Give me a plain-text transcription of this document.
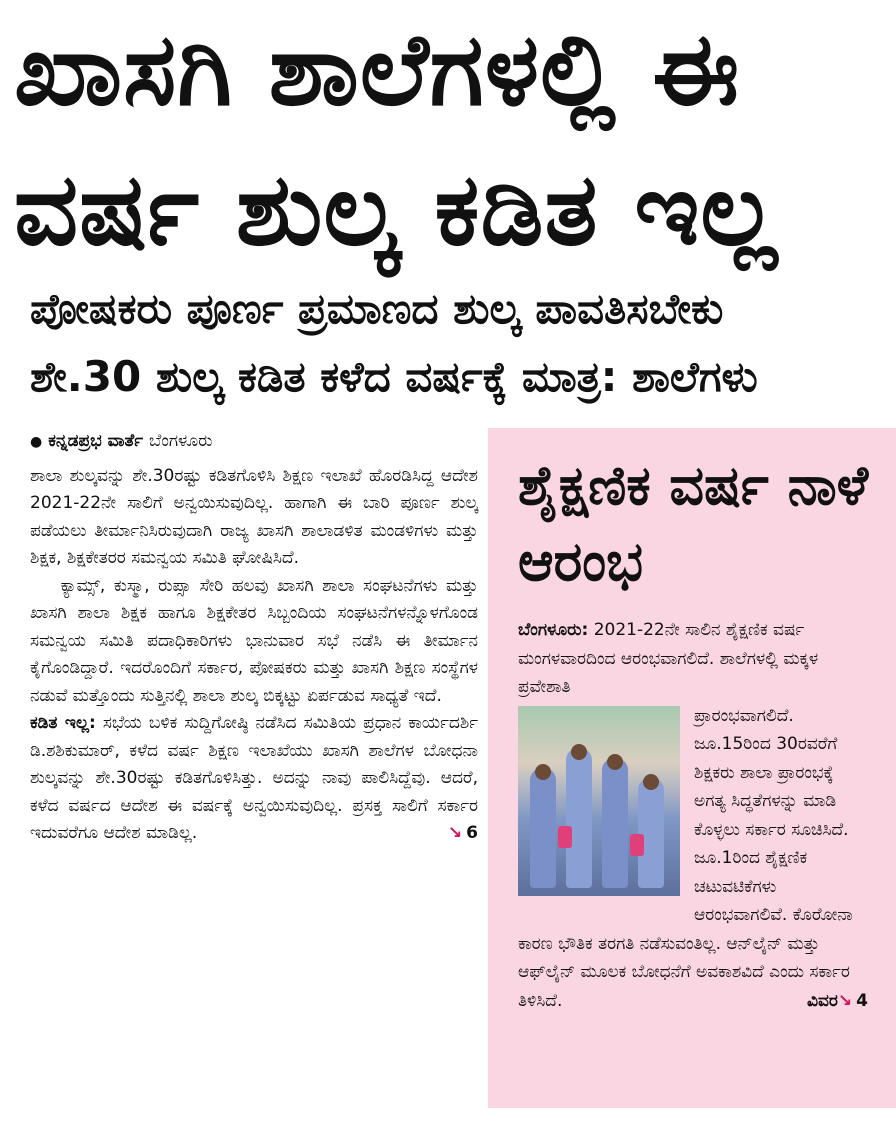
ಖಾಸಗಿ ಶಾಲೆಗಳಲ್ಲಿ ಈ
ವರ್ಷ ಶುಲ್ಕ ಕಡಿತ ಇಲ್ಲ
ಪೋಷಕರು ಪೂರ್ಣ ಪ್ರಮಾಣದ ಶುಲ್ಕ ಪಾವತಿಸಬೇಕು
ಶೇ.30 ಶುಲ್ಕ ಕಡಿತ ಕಳೆದ ವರ್ಷಕ್ಕೆ ಮಾತ್ರ: ಶಾಲೆಗಳು
● ಕನ್ನಡಪ್ರಭ ವಾರ್ತೆ ಬೆಂಗಳೂರು

ಶಾಲಾ ಶುಲ್ಕವನ್ನು ಶೇ.30ರಷ್ಟು ಕಡಿತಗೊಳಿಸಿ ಶಿಕ್ಷಣ ಇಲಾಖೆ ಹೊರಡಿಸಿದ್ದ ಆದೇಶ 2021-22ನೇ ಸಾಲಿಗೆ ಅನ್ವಯಿಸುವುದಿಲ್ಲ. ಹಾಗಾಗಿ ಈ ಬಾರಿ ಪೂರ್ಣ ಶುಲ್ಕ ಪಡೆಯಲು ತೀರ್ಮಾನಿಸಿರುವುದಾಗಿ ರಾಜ್ಯ ಖಾಸಗಿ ಶಾಲಾಡಳಿತ ಮಂಡಳಿಗಳು ಮತ್ತು ಶಿಕ್ಷಕ, ಶಿಕ್ಷಕೇತರರ ಸಮನ್ವಯ ಸಮಿತಿ ಘೋಷಿಸಿದೆ.

ಕ್ಯಾಮ್ಸ್, ಕುಸ್ಮಾ, ರುಪ್ಸಾ ಸೇರಿ ಹಲವು ಖಾಸಗಿ ಶಾಲಾ ಸಂಘಟನೆಗಳು ಮತ್ತು ಖಾಸಗಿ ಶಾಲಾ ಶಿಕ್ಷಕ ಹಾಗೂ ಶಿಕ್ಷಕೇತರ ಸಿಬ್ಬಂದಿಯ ಸಂಘಟನೆಗಳನ್ನೊಳಗೊಂಡ ಸಮನ್ವಯ ಸಮಿತಿ ಪದಾಧಿಕಾರಿಗಳು ಭಾನುವಾರ ಸಭೆ ನಡೆಸಿ ಈ ತೀರ್ಮಾನ ಕೈಗೊಂಡಿದ್ದಾರೆ. ಇದರೊಂದಿಗೆ ಸರ್ಕಾರ, ಪೋಷಕರು ಮತ್ತು ಖಾಸಗಿ ಶಿಕ್ಷಣ ಸಂಸ್ಥೆಗಳ ನಡುವೆ ಮತ್ತೊಂದು ಸುತ್ತಿನಲ್ಲಿ ಶಾಲಾ ಶುಲ್ಕ ಬಿಕ್ಕಟ್ಟು ಏರ್ಪಡುವ ಸಾಧ್ಯತೆ ಇದೆ.

ಕಡಿತ ಇಲ್ಲ: ಸಭೆಯ ಬಳಿಕ ಸುದ್ದಿಗೋಷ್ಠಿ ನಡೆಸಿದ ಸಮಿತಿಯ ಪ್ರಧಾನ ಕಾರ್ಯದರ್ಶಿ ಡಿ.ಶಶಿಕುಮಾರ್, ಕಳೆದ ವರ್ಷ ಶಿಕ್ಷಣ ಇಲಾಖೆಯು ಖಾಸಗಿ ಶಾಲೆಗಳ ಬೋಧನಾ ಶುಲ್ಕವನ್ನು ಶೇ.30ರಷ್ಟು ಕಡಿತಗೊಳಿಸಿತ್ತು. ಅದನ್ನು ನಾವು ಪಾಲಿಸಿದ್ದೆವು. ಆದರೆ, ಕಳೆದ ವರ್ಷದ ಆದೇಶ ಈ ವರ್ಷಕ್ಕೆ ಅನ್ವಯಿಸುವುದಿಲ್ಲ. ಪ್ರಸಕ್ತ ಸಾಲಿಗೆ ಸರ್ಕಾರ ಇದುವರೆಗೂ ಆದೇಶ ಮಾಡಿಲ್ಲ.	↘ 6

ಶೈಕ್ಷಣಿಕ ವರ್ಷ ನಾಳೆ ಆರಂಭ

ಬೆಂಗಳೂರು: 2021-22ನೇ ಸಾಲಿನ ಶೈಕ್ಷಣಿಕ ವರ್ಷ ಮಂಗಳವಾರದಿಂದ ಆರಂಭವಾಗಲಿದೆ. ಶಾಲೆಗಳಲ್ಲಿ ಮಕ್ಕಳ ಪ್ರವೇಶಾತಿ

ಪ್ರಾರಂಭವಾಗಲಿದೆ. ಜೂ.15ರಿಂದ 30ರವರೆಗೆ ಶಿಕ್ಷಕರು ಶಾಲಾ ಪ್ರಾರಂಭಕ್ಕೆ ಅಗತ್ಯ ಸಿದ್ಧತೆಗಳನ್ನು ಮಾಡಿ ಕೊಳ್ಳಲು ಸರ್ಕಾರ ಸೂಚಿಸಿದೆ. ಜೂ.1ರಿಂದ ಶೈಕ್ಷಣಿಕ ಚಟುವಟಿಕೆಗಳು ಆರಂಭವಾಗಲಿವೆ. ಕೊರೋನಾ ಕಾರಣ ಭೌತಿಕ ತರಗತಿ ನಡೆಸುವಂತಿಲ್ಲ. ಆನ್‌ಲೈನ್ ಮತ್ತು ಆಫ್‌ಲೈನ್ ಮೂಲಕ ಬೋಧನೆಗೆ ಅವಕಾಶವಿದೆ ಎಂದು ಸರ್ಕಾರ ತಿಳಿಸಿದೆ.	ವಿವರ↘ 4
